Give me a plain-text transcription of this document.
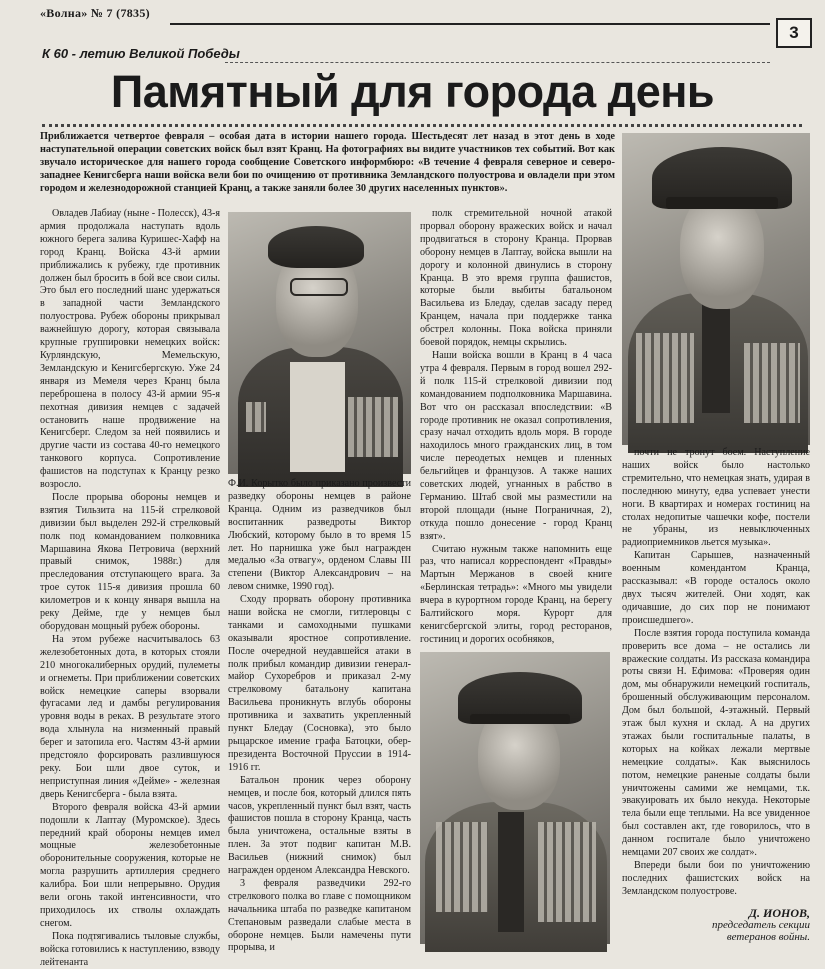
«Волна» № 7 (7835)
3
К 60 - летию Великой Победы
Памятный для города день
Приближается четвертое февраля – особая дата в истории нашего города. Шестьдесят лет назад в этот день в ходе наступательной операции советских войск был взят Кранц. На фотографиях вы видите участников тех событий. Вот как звучало историческое для нашего города сообщение Советского информбюро: «В течение 4 февраля северное и северо-западнее Кенигсберга наши войска вели бои по очищению от противника Земландского полуострова и овладели при этом городом и железнодорожной станцией Кранц, а также заняли более 30 других населенных пунктов».

Овладев Лабиау (ныне - Полесск), 43-я армия продолжала наступать вдоль южного берега залива Куришес-Хафф на город Кранц. Войска 43-й армии приближались к рубежу, где противник должен был бросить в бой все свои силы. Это был его последний шанс удержаться в западной части Земландского полуострова. Рубеж обороны прикрывал важнейшую дорогу, которая связывала крупные группировки немецких войск: Курляндскую, Мемельскую, Земландскую и Кенигсбергскую. Уже 24 января из Мемеля через Кранц была переброшена в полосу 43-й армии 95-я пехотная дивизия немцев с задачей остановить наше продвижение на Кенигсберг. Следом за ней появились и другие части из состава 40-го немецкого танкового корпуса. Сопротивление фашистов на подступах к Кранцу резко возросло.

После прорыва обороны немцев и взятия Тильзита на 115-й стрелковой дивизии был выделен 292-й стрелковый полк под командованием полковника Маршавина Якова Петровича (верхний правый снимок, 1988г.) для преследования отступающего врага. За трое суток 115-я дивизия прошла 60 километров и к концу января вышла на реку Дейме, где у немцев был оборудован мощный рубеж обороны.

На этом рубеже насчитывалось 63 железобетонных дота, в которых стояли 210 многокалиберных орудий, пулеметы и огнеметы. При приближении советских войск немецкие саперы взорвали фугасами лед и дамбы регулирования уровня воды в реках. В результате этого вода хлынула на низменный правый берег и затопила его. Частям 43-й армии предстояло форсировать разлившуюся реку. Бои шли двое суток, и неприступная линия «Дейме» - железная дверь Кенигсберга - была взята.

Второго февраля войска 43-й армии подошли к Лаптау (Муромское). Здесь передний край обороны немцев имел мощные железобетонные оборонительные сооружения, которые не могла разрушить артиллерия среднего калибра. Бои шли непрерывно. Орудия вели огонь такой интенсивности, что приходилось их стволы охлаждать снегом.

Пока подтягивались тыловые службы, войска готовились к наступлению, взводу лейтенанта

Ф.И. Корытко было приказано произвести разведку обороны немцев в районе Кранца. Одним из разведчиков был воспитанник разведроты Виктор Любский, которому было в то время 15 лет. Но парнишка уже был награжден медалью «За отвагу», орденом Славы III степени (Виктор Александрович – на левом снимке, 1990 год).

Сходу прорвать оборону противника наши войска не смогли, гитлеровцы с танками и самоходными пушками оказывали яростное сопротивление. После очередной неудавшейся атаки в полк прибыл командир дивизии генерал-майор Сухоребров и приказал 2-му стрелковому батальону капитана Васильева проникнуть вглубь обороны противника и захватить укрепленный пункт Бледау (Сосновка), это было рыцарское имение графа Батоцки, обер-президента Восточной Пруссии в 1914-1916 гг.

Батальон проник через оборону немцев, и после боя, который длился пять часов, укрепленный пункт был взят, часть фашистов пошла в сторону Кранца, часть была уничтожена, остальные взяты в плен. За этот подвиг капитан М.В. Васильев (нижний снимок) был награжден орденом Александра Невского.

3 февраля разведчики 292-го стрелкового полка во главе с помощником начальника штаба по разведке капитаном Степановым разведали слабые места в обороне немцев. Были намечены пути прорыва, и

полк стремительной ночной атакой прорвал оборону вражеских войск и начал продвигаться в сторону Кранца. Прорвав оборону немцев в Лаптау, войска вышли на дорогу и колонной двинулись в сторону Кранца. В это время группа фашистов, которые были выбиты батальоном Васильева из Бледау, сделав засаду перед Кранцем, начала при поддержке танка обстрел колонны. Пока войска приняли боевой порядок, немцы скрылись.

Наши войска вошли в Кранц в 4 часа утра 4 февраля. Первым в город вошел 292-й полк 115-й стрелковой дивизии под командованием подполковника Маршавина. Вот что он рассказал впоследствии: «В городе противник не оказал сопротивления, сразу начал отходить вдоль моря. В городе находилось много гражданских лиц, в том числе переодетых немцев и пленных бельгийцев и французов. А также наших советских людей, угнанных в рабство в Германию. Штаб свой мы разместили на второй площади (ныне Пограничная, 2), откуда пошло донесение - город Кранц взят».

Считаю нужным также напомнить еще раз, что написал корреспондент «Правды» Мартын Мержанов в своей книге «Берлинская тетрадь»: «Много мы увидели вчера в курортном городе Кранц, на берегу Балтийского моря. Курорт для кенигсбергской элиты, город ресторанов, гостиниц и дорогих особняков,

почти не тронут боем. Наступление наших войск было настолько стремительно, что немецкая знать, удирая в последнюю минуту, едва успевает унести ноги. В квартирах и номерах гостиниц на столах недопитые чашечки кофе, постели не убраны, из невыключенных радиоприемников льется музыка».

Капитан Сарышев, назначенный военным комендантом Кранца, рассказывал: «В городе осталось около двух тысяч жителей. Они ходят, как одичавшие, до сих пор не понимают происшедшего».

После взятия города поступила команда проверить все дома – не остались ли вражеские солдаты. Из рассказа командира роты связи Н. Ефимова: «Проверяя один дом, мы обнаружили немецкий госпиталь, брошенный обслуживающим персоналом. Дом был большой, 4-этажный. Первый этаж был кухня и склад. А на других этажах были госпитальные палаты, в которых на койках лежали мертвые немецкие солдаты». Как выяснилось потом, немецкие раненые солдаты были уничтожены самими же немцами, т.к. эвакуировать их было некуда. Некоторые тела были еще теплыми. На все увиденное был составлен акт, где говорилось, что в данном госпитале было уничтожено немцами 207 своих же солдат».

Впереди были бои по уничтожению последних фашистских войск на Земландском полуострове.

Д. ИОНОВ,
председатель секции ветеранов войны.
